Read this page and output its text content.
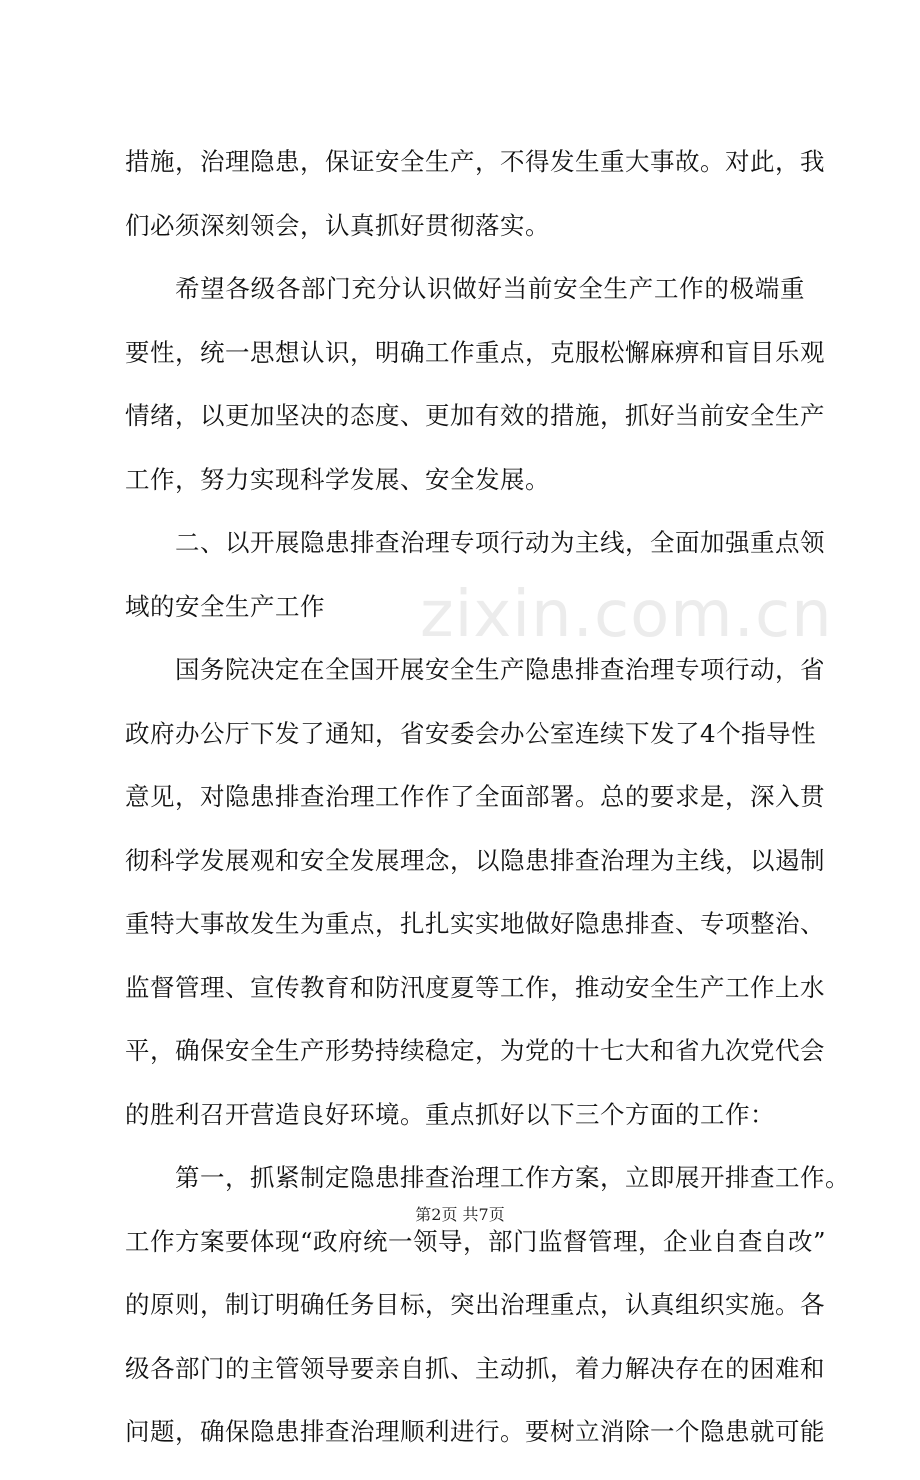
zixin.com.cn
措施，治理隐患，保证安全生产，不得发生重大事故。对此，我
们必须深刻领会，认真抓好贯彻落实。
希望各级各部门充分认识做好当前安全生产工作的极端重
要性，统一思想认识，明确工作重点，克服松懈麻痹和盲目乐观
情绪，以更加坚决的态度、更加有效的措施，抓好当前安全生产
工作，努力实现科学发展、安全发展。
二、以开展隐患排查治理专项行动为主线，全面加强重点领
域的安全生产工作
国务院决定在全国开展安全生产隐患排查治理专项行动，省
政府办公厅下发了通知，省安委会办公室连续下发了4个指导性
意见，对隐患排查治理工作作了全面部署。总的要求是，深入贯
彻科学发展观和安全发展理念，以隐患排查治理为主线，以遏制
重特大事故发生为重点，扎扎实实地做好隐患排查、专项整治、
监督管理、宣传教育和防汛度夏等工作，推动安全生产工作上水
平，确保安全生产形势持续稳定，为党的十七大和省九次党代会
的胜利召开营造良好环境。重点抓好以下三个方面的工作：
第一，抓紧制定隐患排查治理工作方案，立即展开排查工作。
工作方案要体现“政府统一领导，部门监督管理，企业自查自改”
的原则，制订明确任务目标，突出治理重点，认真组织实施。各
级各部门的主管领导要亲自抓、主动抓，着力解决存在的困难和
问题，确保隐患排查治理顺利进行。要树立消除一个隐患就可能
第2页 共7页
